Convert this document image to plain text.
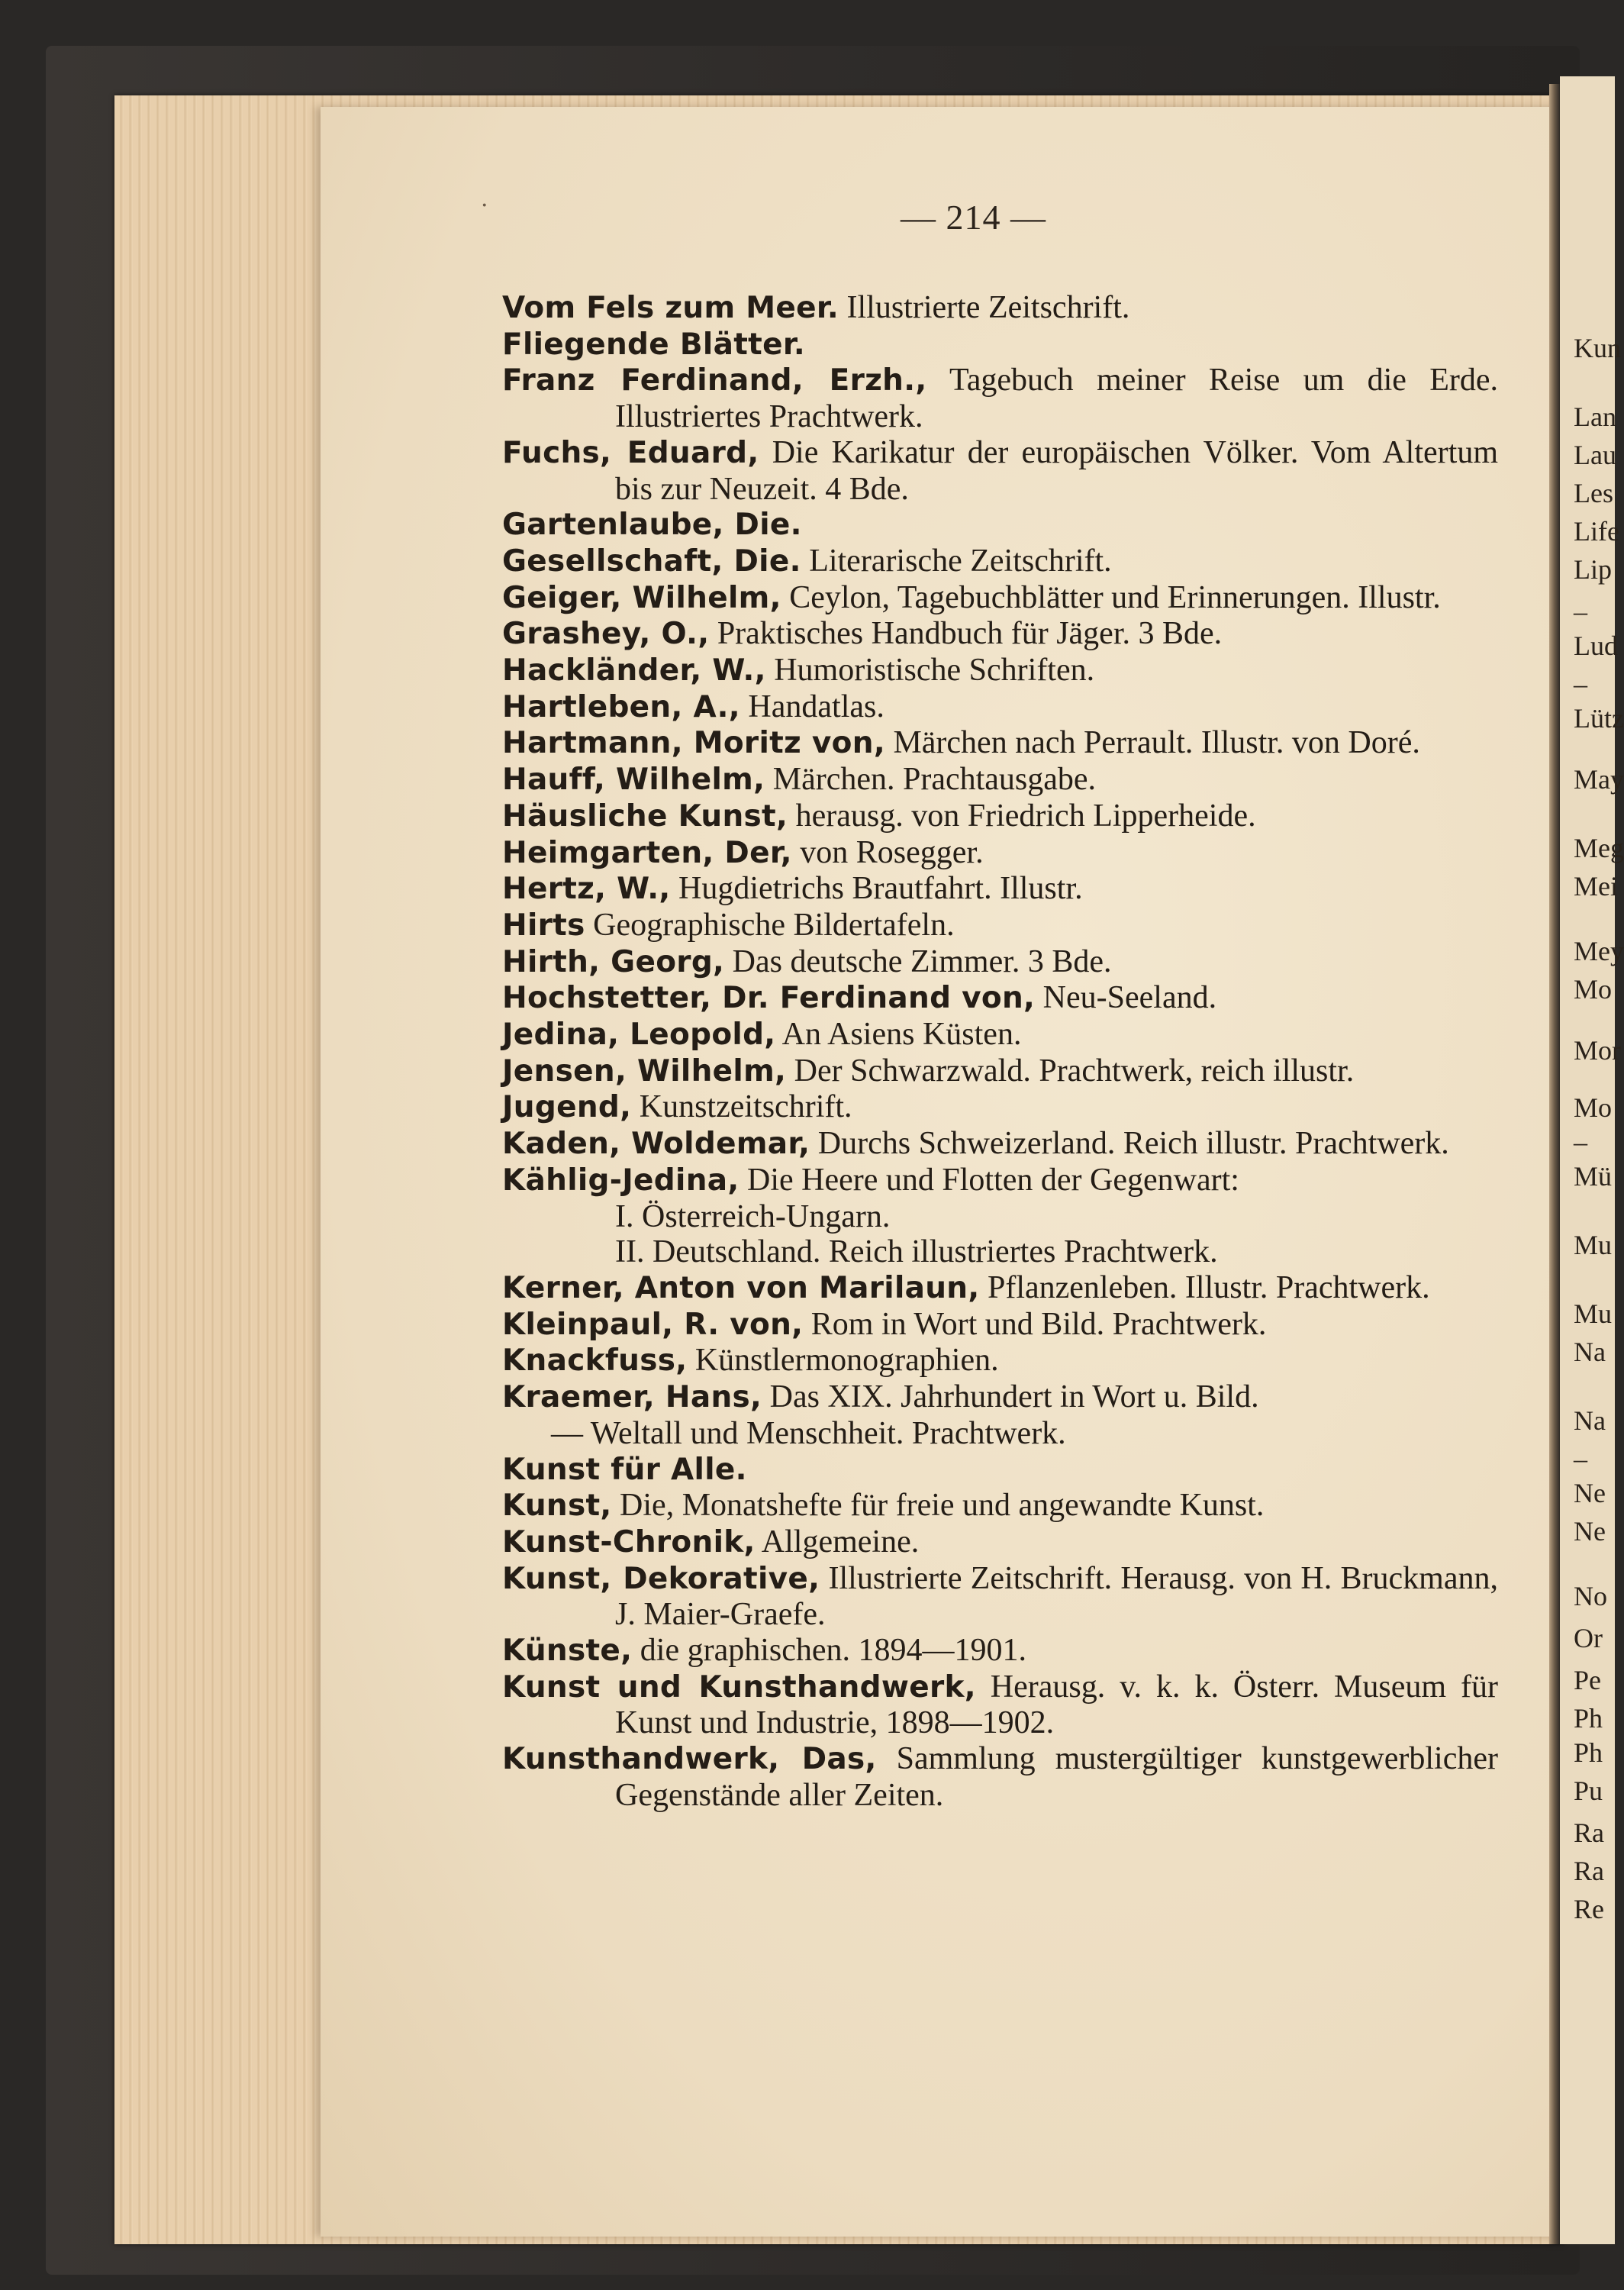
Kun
Lan
Lau
Les
Life
Lip
–
Lud
–
Lütz
May
Meg
Mei
Mey
Mo
Mor
Mo
–
Mü
Mu
Mu
Na
Na
–
Ne
Ne
No
Or
Pe
Ph
Ph
Pu
Ra
Ra
Re
— 214 —

Vom Fels zum Meer. Illustrierte Zeitschrift.

Fliegende Blätter.

Franz Ferdinand, Erzh., Tagebuch meiner Reise um die Erde. Illustriertes Prachtwerk.

Fuchs, Eduard, Die Karikatur der europäischen Völker. Vom Altertum bis zur Neuzeit. 4 Bde.

Gartenlaube, Die.

Gesellschaft, Die. Literarische Zeitschrift.

Geiger, Wilhelm, Ceylon, Tagebuchblätter und Erinnerungen. Illustr.

Grashey, O., Praktisches Handbuch für Jäger. 3 Bde.

Hackländer, W., Humoristische Schriften.

Hartleben, A., Handatlas.

Hartmann, Moritz von, Märchen nach Perrault. Illustr. von Doré.

Hauff, Wilhelm, Märchen. Prachtausgabe.

Häusliche Kunst, herausg. von Friedrich Lipperheide.

Heimgarten, Der, von Rosegger.

Hertz, W., Hugdietrichs Brautfahrt. Illustr.

Hirts Geographische Bildertafeln.

Hirth, Georg, Das deutsche Zimmer. 3 Bde.

Hochstetter, Dr. Ferdinand von, Neu-Seeland.

Jedina, Leopold, An Asiens Küsten.

Jensen, Wilhelm, Der Schwarzwald. Prachtwerk, reich illustr.

Jugend, Kunstzeitschrift.

Kaden, Woldemar, Durchs Schweizerland. Reich illustr. Prachtwerk.

Kählig-Jedina, Die Heere und Flotten der Gegenwart:

I. Österreich-Ungarn.

II. Deutschland. Reich illustriertes Prachtwerk.

Kerner, Anton von Marilaun, Pflanzenleben. Illustr. Prachtwerk.

Kleinpaul, R. von, Rom in Wort und Bild. Prachtwerk.

Knackfuss, Künstlermonographien.

Kraemer, Hans, Das XIX. Jahrhundert in Wort u. Bild.

— Weltall und Menschheit. Prachtwerk.

Kunst für Alle.

Kunst, Die, Monatshefte für freie und angewandte Kunst.

Kunst-Chronik, Allgemeine.

Kunst, Dekorative, Illustrierte Zeitschrift. Herausg. von H. Bruckmann, J. Maier-Graefe.

Künste, die graphischen. 1894—1901.

Kunst und Kunsthandwerk, Herausg. v. k. k. Österr. Museum für Kunst und Industrie, 1898—1902.

Kunsthandwerk, Das, Sammlung mustergültiger kunstgewerblicher Gegenstände aller Zeiten.

·
